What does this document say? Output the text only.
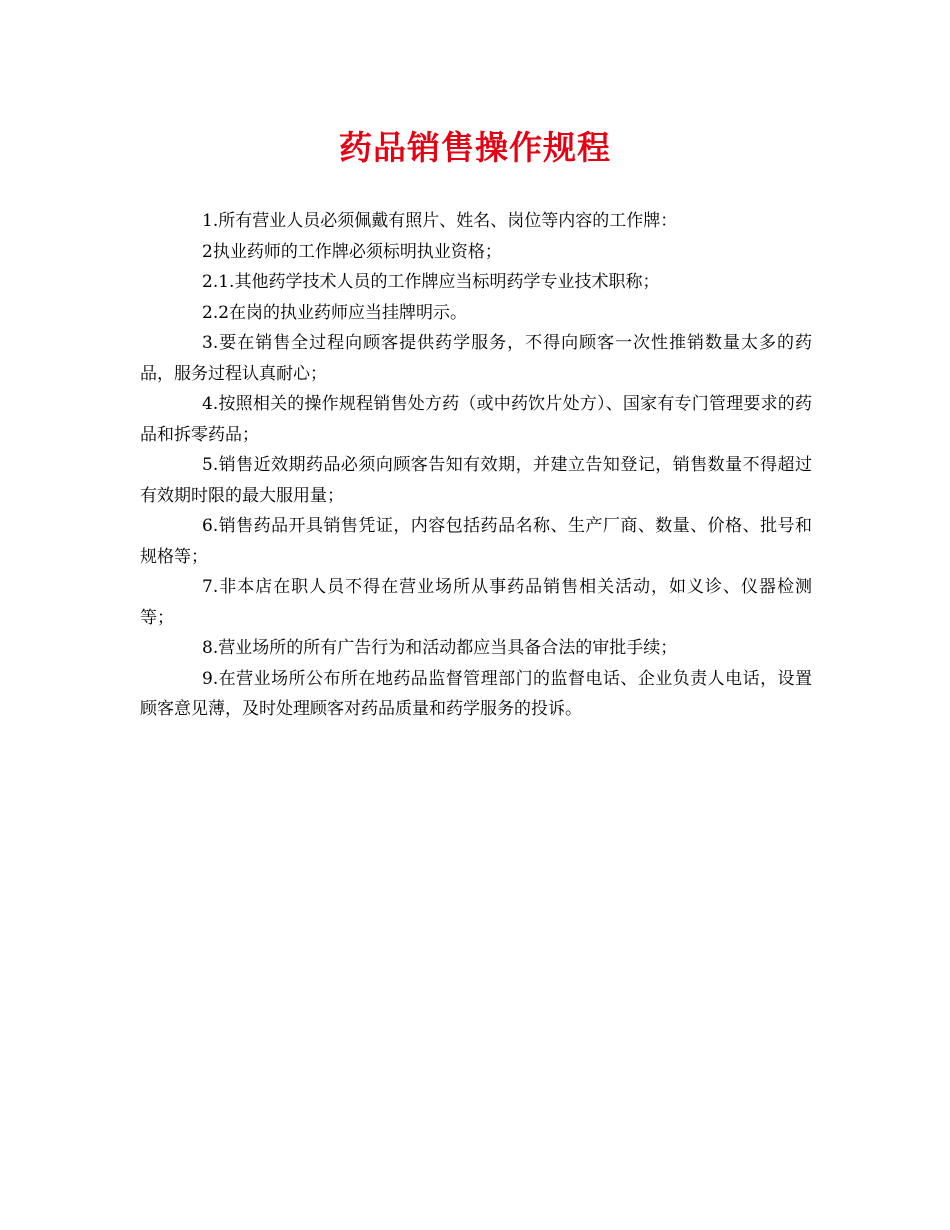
药品销售操作规程

1.所有营业人员必须佩戴有照片、姓名、岗位等内容的工作牌：

2执业药师的工作牌必须标明执业资格；

2.1.其他药学技术人员的工作牌应当标明药学专业技术职称；

2.2在岗的执业药师应当挂牌明示。

3.要在销售全过程向顾客提供药学服务，不得向顾客一次性推销数量太多的药品，服务过程认真耐心；

4.按照相关的操作规程销售处方药（或中药饮片处方）、国家有专门管理要求的药品和拆零药品；

5.销售近效期药品必须向顾客告知有效期，并建立告知登记，销售数量不得超过有效期时限的最大服用量；

6.销售药品开具销售凭证，内容包括药品名称、生产厂商、数量、价格、批号和规格等；

7.非本店在职人员不得在营业场所从事药品销售相关活动，如义诊、仪器检测等；

8.营业场所的所有广告行为和活动都应当具备合法的审批手续；

9.在营业场所公布所在地药品监督管理部门的监督电话、企业负责人电话，设置顾客意见薄，及时处理顾客对药品质量和药学服务的投诉。
